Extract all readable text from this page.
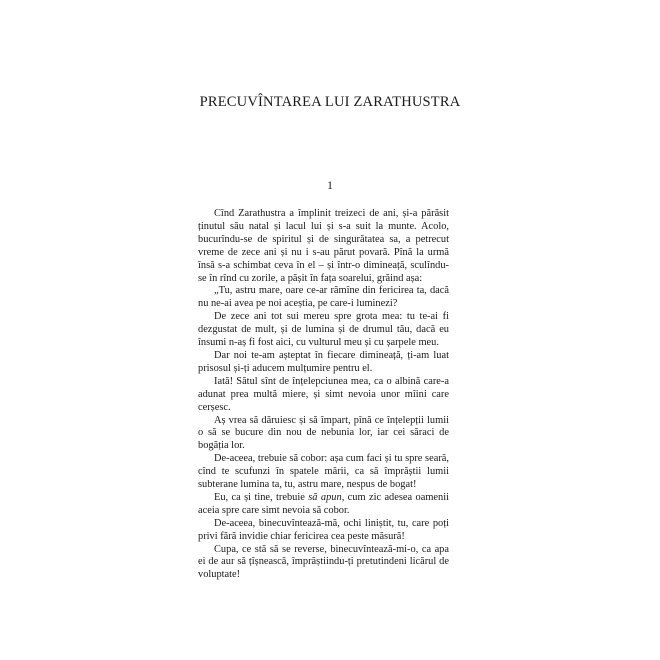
PRECUVÎNTAREA LUI ZARATHUSTRA
1

Cînd Zarathustra a împlinit treizeci de ani, și-a părăsit ținutul său natal și lacul lui și s-a suit la munte. Acolo, bucurîndu-se de spiritul și de singurătatea sa, a petrecut vreme de zece ani și nu i s-au părut povară. Pînă la urmă însă s-a schimbat ceva în el – și într-o dimineață, sculîndu-se în rînd cu zorile, a pășit în fața soarelui, grăind așa:

„Tu, astru mare, oare ce-ar rămîne din fericirea ta, dacă nu ne-ai avea pe noi aceștia, pe care-i luminezi?

De zece ani tot sui mereu spre grota mea: tu te-ai fi dezgustat de mult, și de lumina și de drumul tău, dacă eu însumi n-aș fi fost aici, cu vulturul meu și cu șarpele meu.

Dar noi te-am așteptat în fiecare dimineață, ți-am luat prisosul și-ți aducem mulțumire pentru el.

Iată! Sătul sînt de înțelepciunea mea, ca o albină care-a adunat prea multă miere, și simt nevoia unor mîini care cerșesc.

Aș vrea să dăruiesc și să împart, pînă ce înțelepții lumii o să se bucure din nou de nebunia lor, iar cei săraci de bogăția lor.

De-aceea, trebuie să cobor: așa cum faci și tu spre seară, cînd te scufunzi în spatele mării, ca să împrăștii lumii subterane lumina ta, tu, astru mare, nespus de bogat!

Eu, ca și tine, trebuie să apun, cum zic adesea oamenii aceia spre care simt nevoia să cobor.

De-aceea, binecuvîntează-mă, ochi liniștit, tu, care poți privi fără invidie chiar fericirea cea peste măsură!

Cupa, ce stă să se reverse, binecuvîntează-mi-o, ca apa ei de aur să țîșnească, împrăștiindu-ți pretutindeni licărul de voluptate!
